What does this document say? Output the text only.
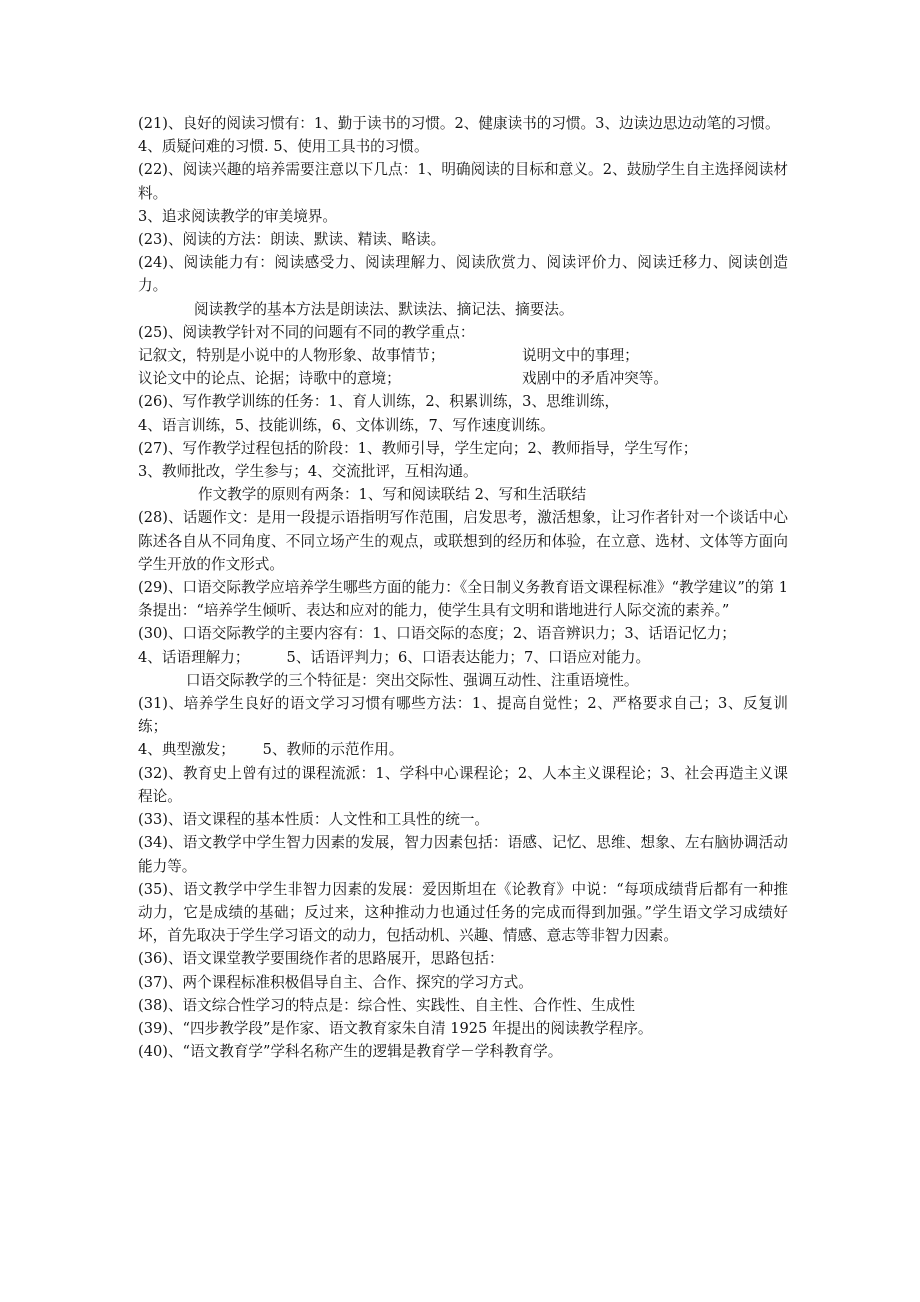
(21)、良好的阅读习惯有：1、勤于读书的习惯。2、健康读书的习惯。3、边读边思边动笔的习惯。

4、质疑问难的习惯. 5、使用工具书的习惯。

(22)、阅读兴趣的培养需要注意以下几点：1、明确阅读的目标和意义。2、鼓励学生自主选择阅读材料。

3、追求阅读教学的审美境界。

(23)、阅读的方法：朗读、默读、精读、略读。

(24)、阅读能力有：阅读感受力、阅读理解力、阅读欣赏力、阅读评价力、阅读迁移力、阅读创造力。

阅读教学的基本方法是朗读法、默读法、摘记法、摘要法。

(25)、阅读教学针对不同的问题有不同的教学重点：

记叙文，特别是小说中的人物形象、故事情节；	说明文中的事理；
议论文中的论点、论据；诗歌中的意境；	戏剧中的矛盾冲突等。

(26)、写作教学训练的任务：1、育人训练，2、积累训练，3、思维训练，

4、语言训练，5、技能训练，6、文体训练，7、写作速度训练。

(27)、写作教学过程包括的阶段：1、教师引导，学生定向；2、教师指导，学生写作；

3、教师批改，学生参与；4、交流批评，互相沟通。

作文教学的原则有两条：1、写和阅读联结 2、写和生活联结

(28)、话题作文：是用一段提示语指明写作范围，启发思考，激活想象，让习作者针对一个谈话中心陈述各自从不同角度、不同立场产生的观点，或联想到的经历和体验，在立意、选材、文体等方面向学生开放的作文形式。

(29)、口语交际教学应培养学生哪些方面的能力：《全日制义务教育语文课程标准》“教学建议”的第 1 条提出：“培养学生倾听、表达和应对的能力，使学生具有文明和谐地进行人际交流的素养。”

(30)、口语交际教学的主要内容有：1、口语交际的态度；2、语音辨识力；3、话语记忆力；

4、话语理解力；        5、话语评判力；6、口语表达能力；7、口语应对能力。

口语交际教学的三个特征是：突出交际性、强调互动性、注重语境性。

(31)、培养学生良好的语文学习习惯有哪些方法：1、提高自觉性；2、严格要求自己；3、反复训练；

4、典型激发；      5、教师的示范作用。

(32)、教育史上曾有过的课程流派：1、学科中心课程论；2、人本主义课程论；3、社会再造主义课程论。

(33)、语文课程的基本性质：人文性和工具性的统一。

(34)、语文教学中学生智力因素的发展，智力因素包括：语感、记忆、思维、想象、左右脑协调活动能力等。

(35)、语文教学中学生非智力因素的发展：爱因斯坦在《论教育》中说：“每项成绩背后都有一种推动力，它是成绩的基础；反过来，这种推动力也通过任务的完成而得到加强。”学生语文学习成绩好坏，首先取决于学生学习语文的动力，包括动机、兴趣、情感、意志等非智力因素。

(36)、语文课堂教学要围绕作者的思路展开，思路包括：

(37)、两个课程标准积极倡导自主、合作、探究的学习方式。

(38)、语文综合性学习的特点是：综合性、实践性、自主性、合作性、生成性

(39)、“四步教学段”是作家、语文教育家朱自清 1925 年提出的阅读教学程序。

(40)、“语文教育学”学科名称产生的逻辑是教育学－学科教育学。
